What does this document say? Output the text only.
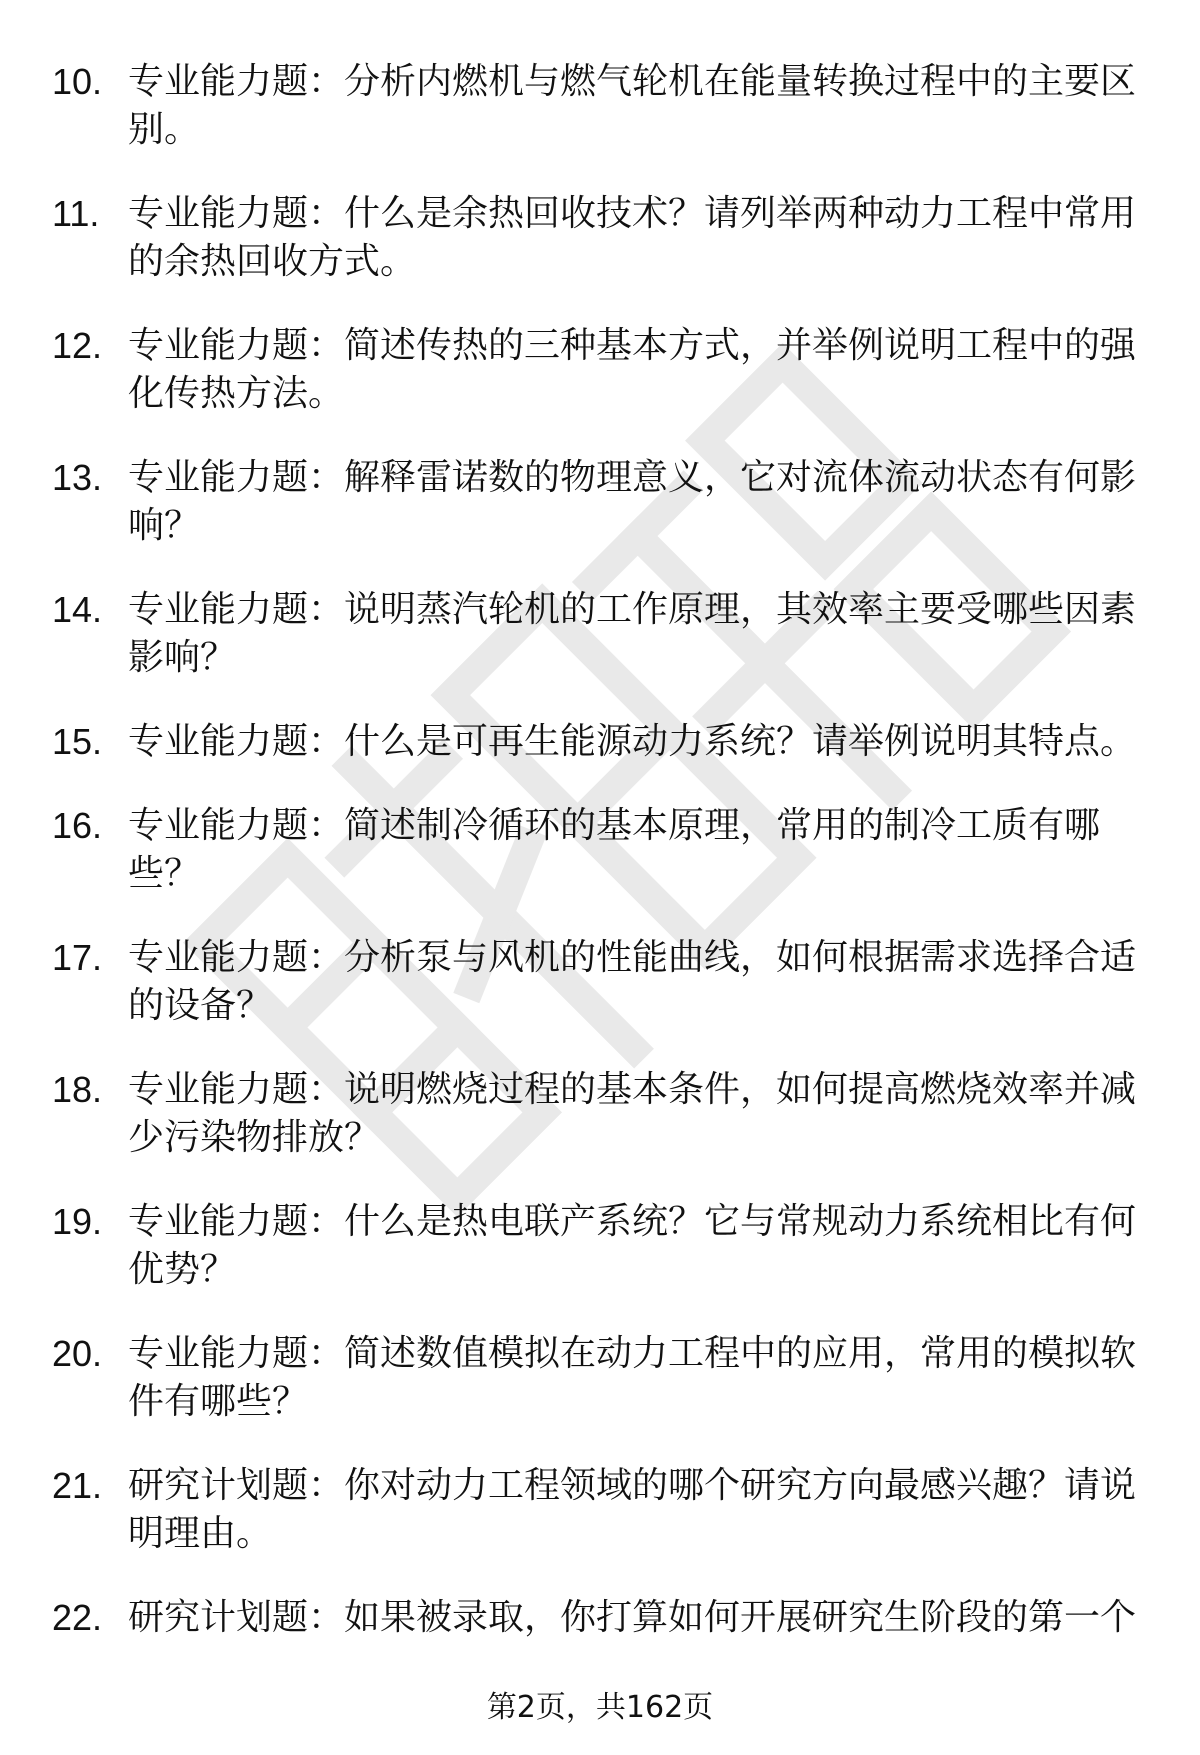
10. 专业能力题：分析内燃机与燃气轮机在能量转换过程中的主要区别。
11. 专业能力题：什么是余热回收技术？请列举两种动力工程中常用的余热回收方式。
12. 专业能力题：简述传热的三种基本方式，并举例说明工程中的强化传热方法。
13. 专业能力题：解释雷诺数的物理意义，它对流体流动状态有何影响？
14. 专业能力题：说明蒸汽轮机的工作原理，其效率主要受哪些因素影响？
15. 专业能力题：什么是可再生能源动力系统？请举例说明其特点。
16. 专业能力题：简述制冷循环的基本原理，常用的制冷工质有哪些？
17. 专业能力题：分析泵与风机的性能曲线，如何根据需求选择合适的设备？
18. 专业能力题：说明燃烧过程的基本条件，如何提高燃烧效率并减少污染物排放？
19. 专业能力题：什么是热电联产系统？它与常规动力系统相比有何优势？
20. 专业能力题：简述数值模拟在动力工程中的应用，常用的模拟软件有哪些？
21. 研究计划题：你对动力工程领域的哪个研究方向最感兴趣？请说明理由。
22. 研究计划题：如果被录取，你打算如何开展研究生阶段的第一个
第2页，共162页
